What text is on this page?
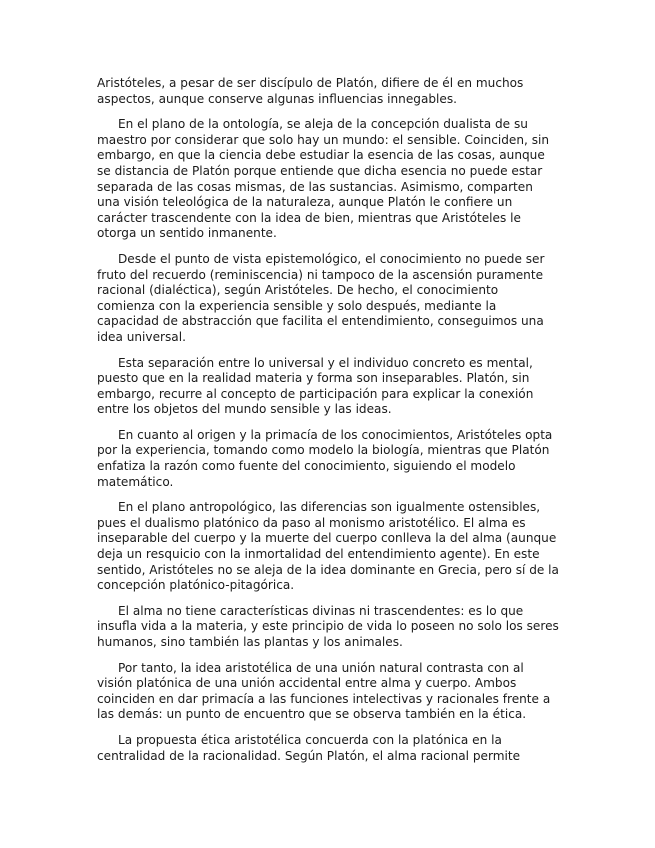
Aristóteles, a pesar de ser discípulo de Platón, difiere de él en muchos aspectos, aunque conserve algunas influencias innegables.

En el plano de la ontología, se aleja de la concepción dualista de su maestro por considerar que solo hay un mundo: el sensible. Coinciden, sin embargo, en que la ciencia debe estudiar la esencia de las cosas, aunque se distancia de Platón porque entiende que dicha esencia no puede estar separada de las cosas mismas, de las sustancias. Asimismo, comparten una visión teleológica de la naturaleza, aunque Platón le confiere un carácter trascendente con la idea de bien, mientras que Aristóteles le otorga un sentido inmanente.

Desde el punto de vista epistemológico, el conocimiento no puede ser fruto del recuerdo (reminiscencia) ni tampoco de la ascensión puramente racional (dialéctica), según Aristóteles. De hecho, el conocimiento comienza con la experiencia sensible y solo después, mediante la capacidad de abstracción que facilita el entendimiento, conseguimos una idea universal.

Esta separación entre lo universal y el individuo concreto es mental, puesto que en la realidad materia y forma son inseparables. Platón, sin embargo, recurre al concepto de participación para explicar la conexión entre los objetos del mundo sensible y las ideas.

En cuanto al origen y la primacía de los conocimientos, Aristóteles opta por la experiencia, tomando como modelo la biología, mientras que Platón enfatiza la razón como fuente del conocimiento, siguiendo el modelo matemático.

En el plano antropológico, las diferencias son igualmente ostensibles, pues el dualismo platónico da paso al monismo aristotélico. El alma es inseparable del cuerpo y la muerte del cuerpo conlleva la del alma (aunque deja un resquicio con la inmortalidad del entendimiento agente). En este sentido, Aristóteles no se aleja de la idea dominante en Grecia, pero sí de la concepción platónico-pitagórica.

El alma no tiene características divinas ni trascendentes: es lo que insufla vida a la materia, y este principio de vida lo poseen no solo los seres humanos, sino también las plantas y los animales.

Por tanto, la idea aristotélica de una unión natural contrasta con al visión platónica de una unión accidental entre alma y cuerpo. Ambos coinciden en dar primacía a las funciones intelectivas y racionales frente a las demás: un punto de encuentro que se observa también en la ética.

La propuesta ética aristotélica concuerda con la platónica en la centralidad de la racionalidad. Según Platón, el alma racional permite
